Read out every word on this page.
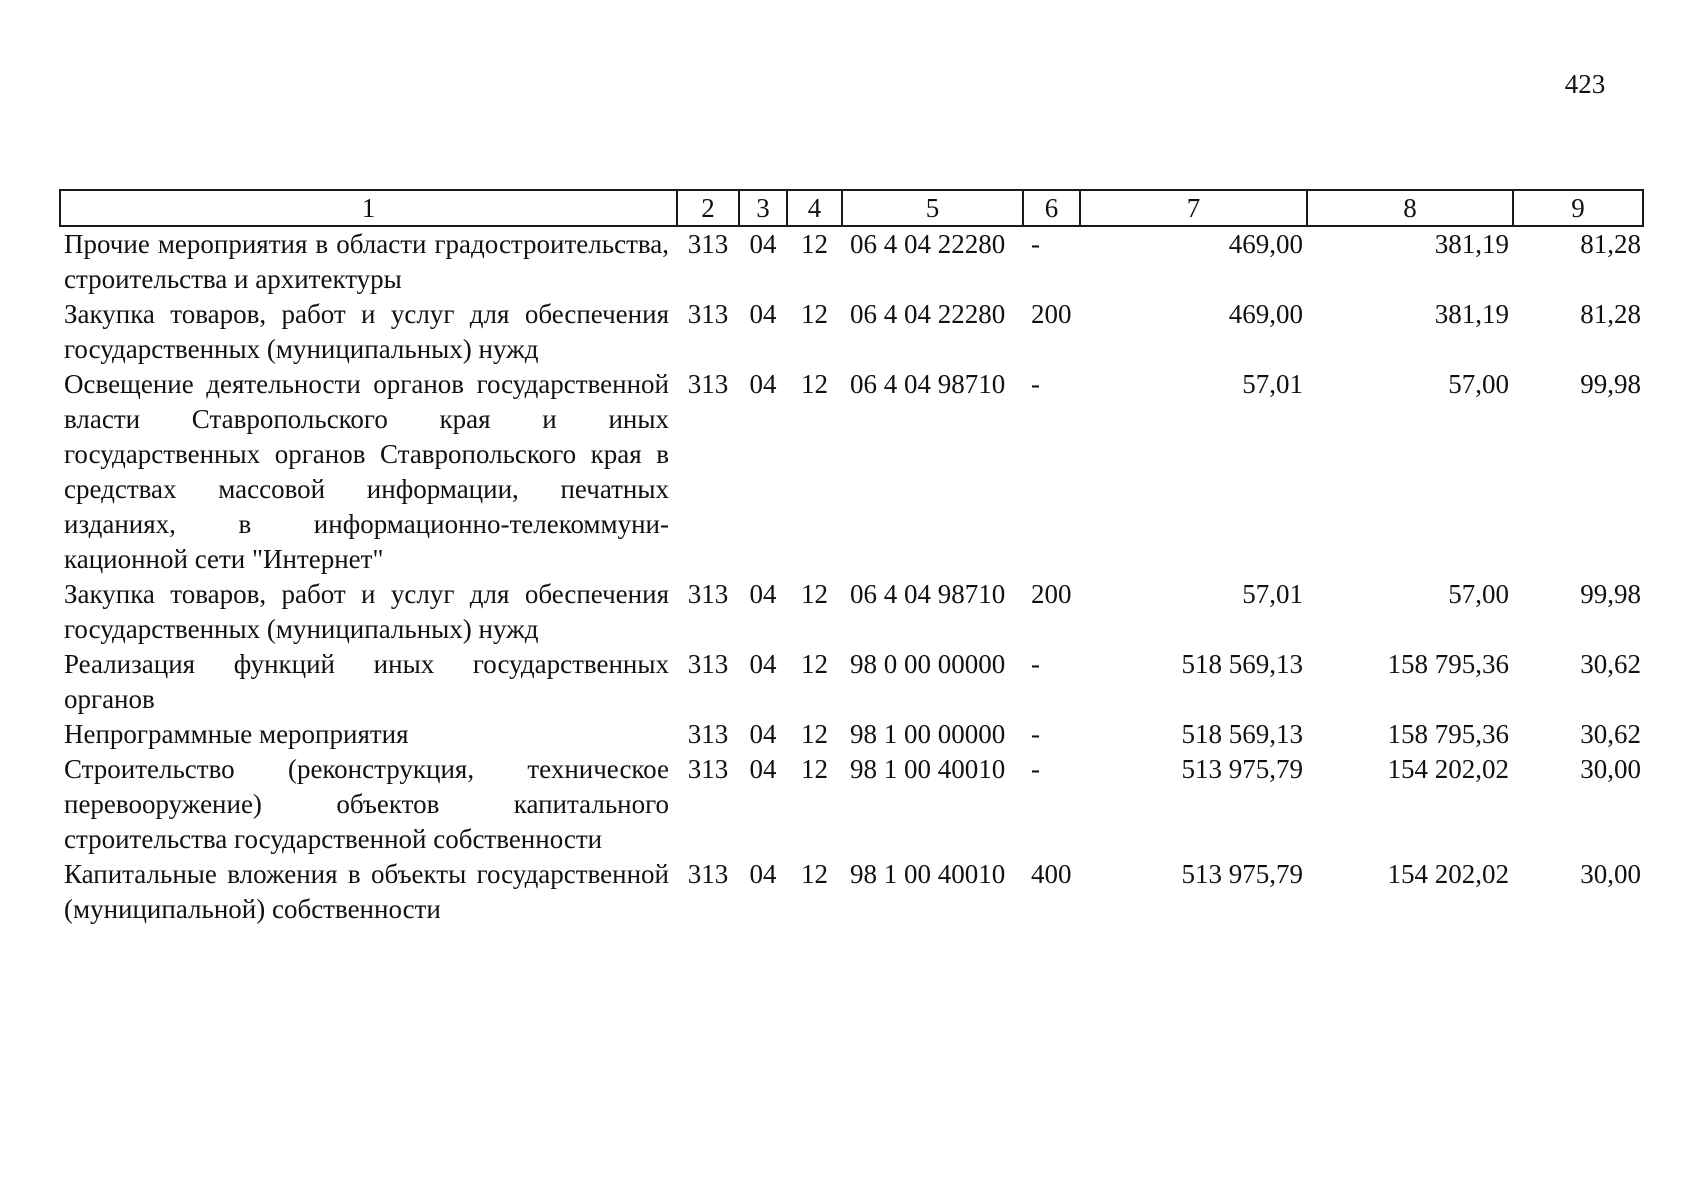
423
1	2	3	4	5	6	7	8	9
Прочие мероприятия в области градостроительства, строительства и архитектуры	313	04	12	06 4 04 22280	-	469,00	381,19	81,28
Закупка товаров, работ и услуг для обеспечения государственных (муниципальных) нужд	313	04	12	06 4 04 22280	200	469,00	381,19	81,28
Освещение деятельности органов государственной власти Ставропольского края и иных государственных органов Ставропольского края в средствах массовой информации, печатных изданиях, в информационно-телекоммуни-кационной сети "Интернет"	313	04	12	06 4 04 98710	-	57,01	57,00	99,98
Закупка товаров, работ и услуг для обеспечения государственных (муниципальных) нужд	313	04	12	06 4 04 98710	200	57,01	57,00	99,98
Реализация функций иных государственных органов	313	04	12	98 0 00 00000	-	518 569,13	158 795,36	30,62
Непрограммные мероприятия	313	04	12	98 1 00 00000	-	518 569,13	158 795,36	30,62
Строительство (реконструкция, техническое перевооружение) объектов капитального строительства государственной собственности	313	04	12	98 1 00 40010	-	513 975,79	154 202,02	30,00
Капитальные вложения в объекты государственной (муниципальной) собственности	313	04	12	98 1 00 40010	400	513 975,79	154 202,02	30,00
